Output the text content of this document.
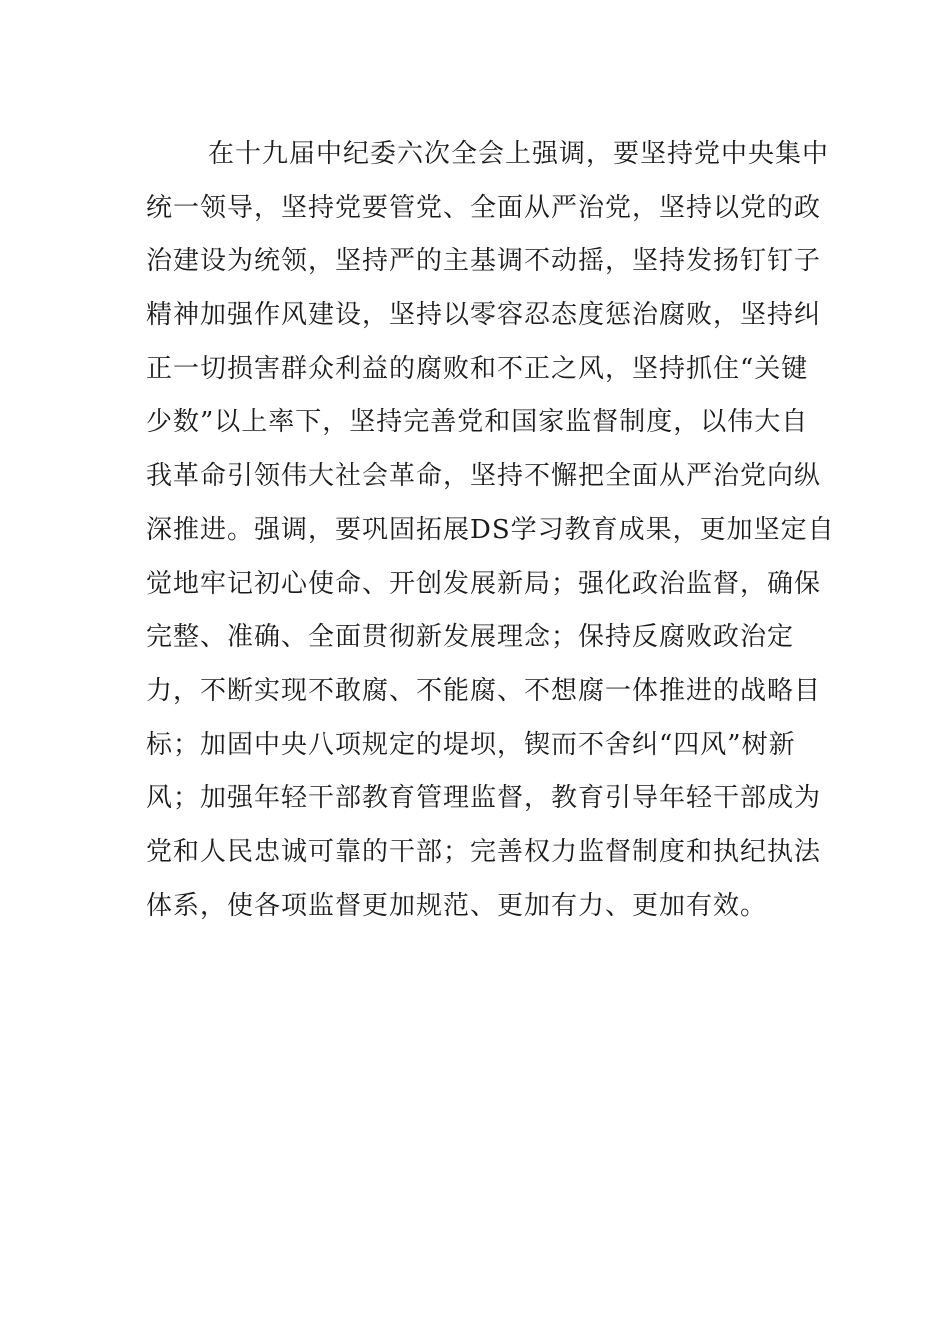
在十九届中纪委六次全会上强调，要坚持党中央集中
统一领导，坚持党要管党、全面从严治党，坚持以党的政
治建设为统领，坚持严的主基调不动摇，坚持发扬钉钉子
精神加强作风建设，坚持以零容忍态度惩治腐败，坚持纠
正一切损害群众利益的腐败和不正之风，坚持抓住“关键
少数”以上率下，坚持完善党和国家监督制度，以伟大自
我革命引领伟大社会革命，坚持不懈把全面从严治党向纵
深推进。强调，要巩固拓展DS学习教育成果，更加坚定自
觉地牢记初心使命、开创发展新局；强化政治监督，确保
完整、准确、全面贯彻新发展理念；保持反腐败政治定
力，不断实现不敢腐、不能腐、不想腐一体推进的战略目
标；加固中央八项规定的堤坝，锲而不舍纠“四风”树新
风；加强年轻干部教育管理监督，教育引导年轻干部成为
党和人民忠诚可靠的干部；完善权力监督制度和执纪执法
体系，使各项监督更加规范、更加有力、更加有效。
